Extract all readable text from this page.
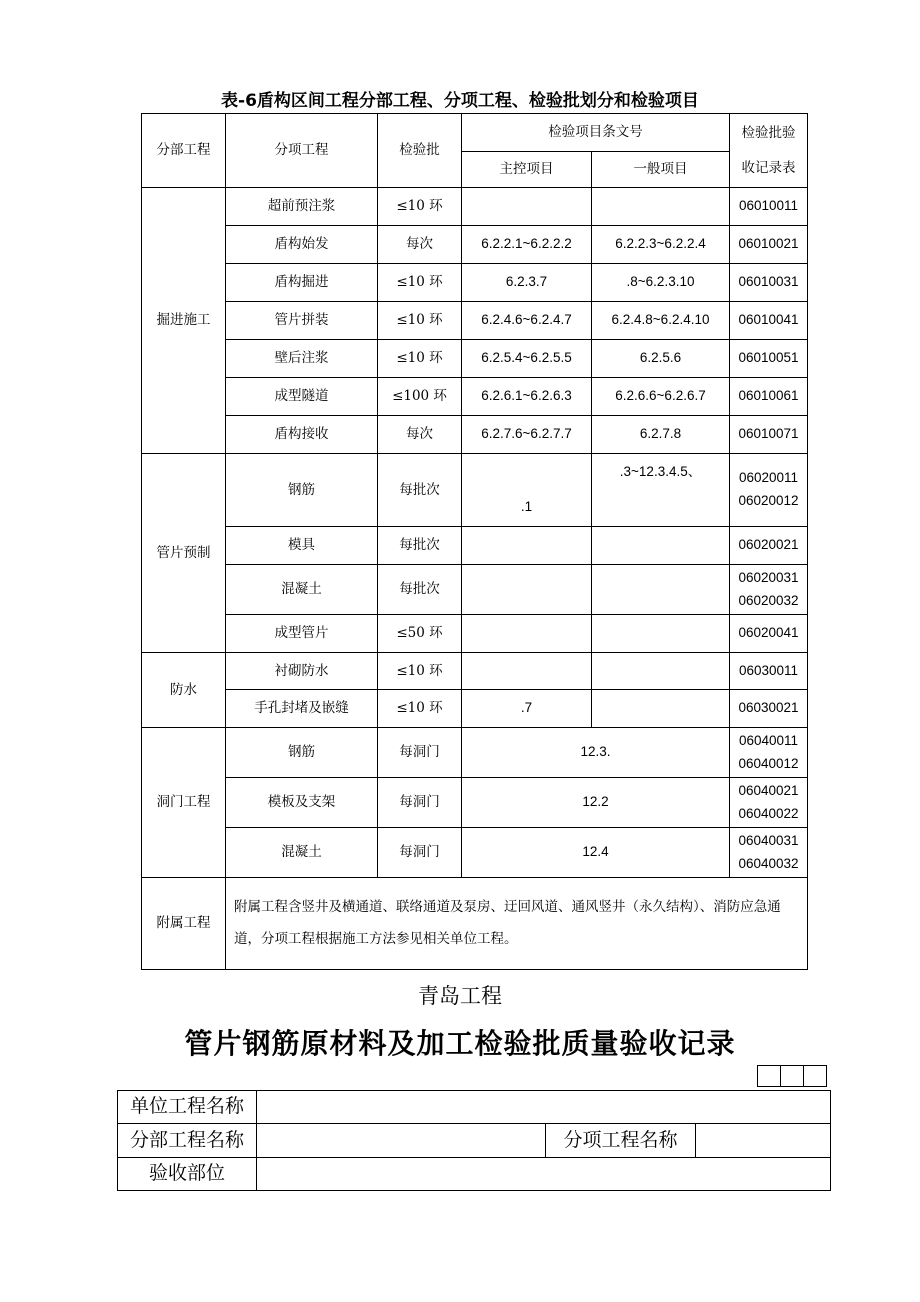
表-6盾构区间工程分部工程、分项工程、检验批划分和检验项目
分部工程	分项工程	检验批	检验项目条文号		检验批验
收记录表

			主控项目	一般项目	
掘进施工	超前预注浆	≤10 环			06010011
	盾构始发	每次	6.2.2.1~6.2.2.2	6.2.2.3~6.2.2.4	06010021
	盾构掘进	≤10 环	6.2.3.7	.8~6.2.3.10	06010031
	管片拼装	≤10 环	6.2.4.6~6.2.4.7	6.2.4.8~6.2.4.10	06010041
	壁后注浆	≤10 环	6.2.5.4~6.2.5.5	6.2.5.6	06010051
	成型隧道	≤100 环	6.2.6.1~6.2.6.3	6.2.6.6~6.2.6.7	06010061
	盾构接收	每次	6.2.7.6~6.2.7.7	6.2.7.8	06010071
管片预制	钢筋	每批次	.1	.3~12.3.4.5、	06020011
06020012

	模具	每批次			06020021
	混凝土	每批次			06020031
06020032

	成型管片	≤50 环			06020041
防水	衬砌防水	≤10 环			06030011
	手孔封堵及嵌缝	≤10 环	.7		06030021
洞门工程	钢筋	每洞门	12.3.		06040011
06040012

	模板及支架	每洞门	12.2		06040021
06040022

	混凝土	每洞门	12.4		06040031
06040032

附属工程	附属工程含竖井及横通道、联络通道及泵房、迂回风道、通风竖井（永久结构）、消防应急通
道，分项工程根据施工方法参见相关单位工程。				
青岛工程
管片钢筋原材料及加工检验批质量验收记录

单位工程名称			
分部工程名称		分项工程名称	
验收部位			
